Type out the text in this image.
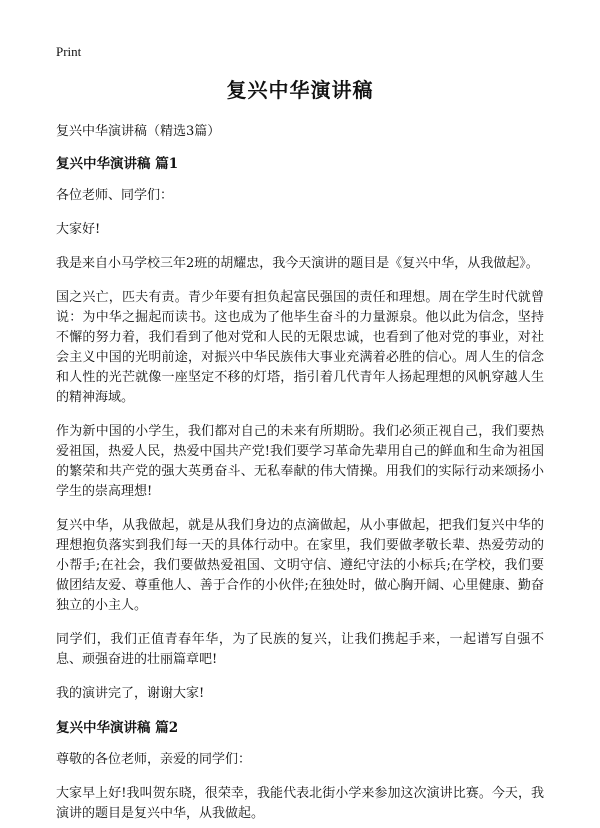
Print
复兴中华演讲稿
复兴中华演讲稿（精选3篇）
复兴中华演讲稿 篇1

各位老师、同学们：

大家好!

我是来自小马学校三年2班的胡耀忠，我今天演讲的题目是《复兴中华，从我做起》。

国之兴亡，匹夫有责。青少年要有担负起富民强国的责任和理想。周在学生时代就曾说：为中华之掘起而读书。这也成为了他毕生奋斗的力量源泉。他以此为信念，坚持不懈的努力着，我们看到了他对党和人民的无限忠诚，也看到了他对党的事业，对社会主义中国的光明前途，对振兴中华民族伟大事业充满着必胜的信心。周人生的信念和人性的光芒就像一座坚定不移的灯塔，指引着几代青年人扬起理想的风帆穿越人生的精神海域。

作为新中国的小学生，我们都对自己的未来有所期盼。我们必须正视自己，我们要热爱祖国，热爱人民，热爱中国共产党!我们要学习革命先辈用自己的鲜血和生命为祖国的繁荣和共产党的强大英勇奋斗、无私奉献的伟大情操。用我们的实际行动来颂扬小学生的崇高理想!

复兴中华，从我做起，就是从我们身边的点滴做起，从小事做起，把我们复兴中华的理想抱负落实到我们每一天的具体行动中。在家里，我们要做孝敬长辈、热爱劳动的小帮手;在社会，我们要做热爱祖国、文明守信、遵纪守法的小标兵;在学校，我们要做团结友爱、尊重他人、善于合作的小伙伴;在独处时，做心胸开阔、心里健康、勤奋独立的小主人。

同学们，我们正值青春年华，为了民族的复兴，让我们携起手来，一起谱写自强不息、顽强奋进的壮丽篇章吧!

我的演讲完了，谢谢大家!

复兴中华演讲稿 篇2

尊敬的各位老师，亲爱的同学们：

大家早上好!我叫贺东晓，很荣幸，我能代表北街小学来参加这次演讲比赛。今天，我演讲的题目是复兴中华，从我做起。
